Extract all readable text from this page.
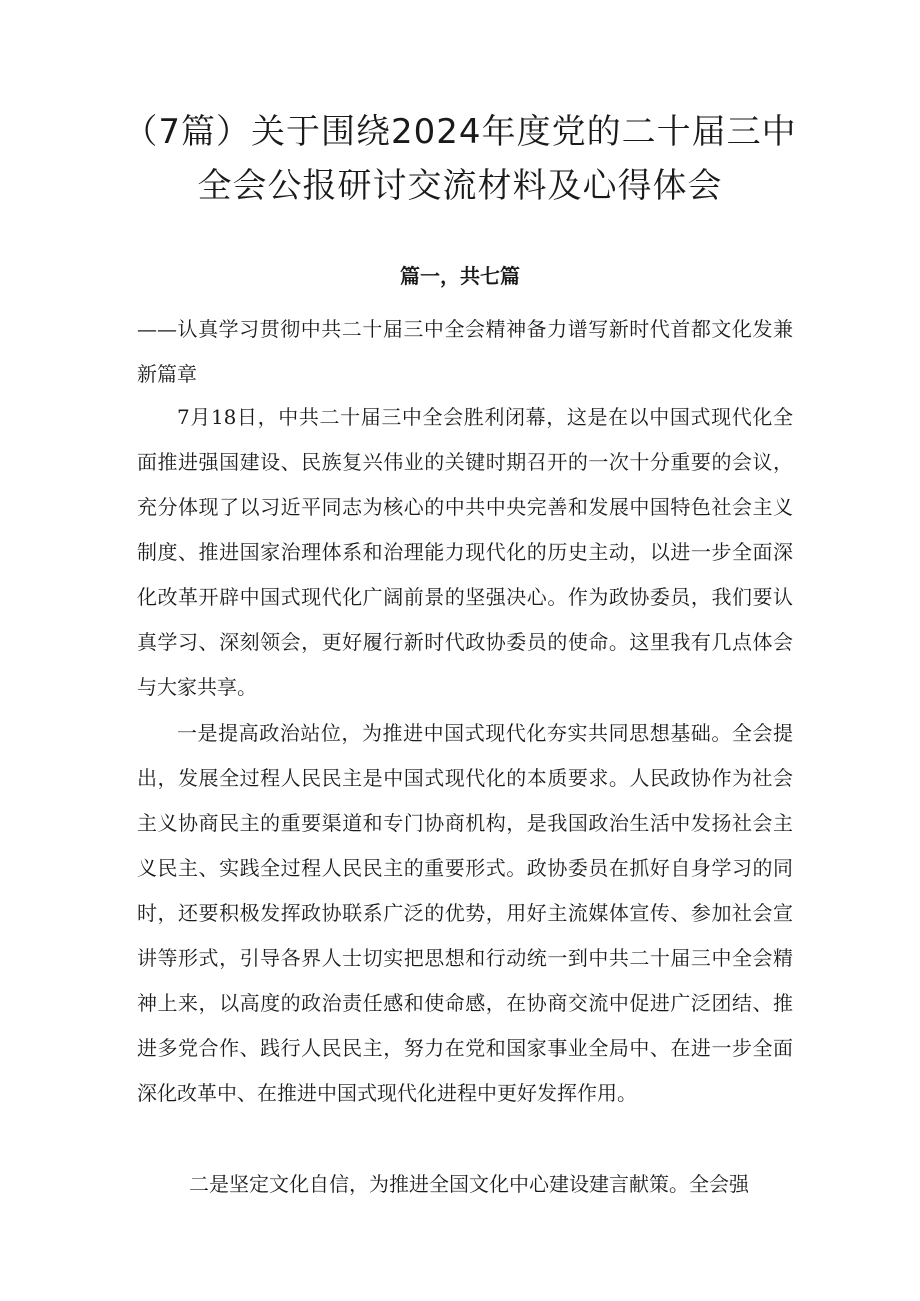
（7篇）关于围绕2024年度党的二十届三中
全会公报研讨交流材料及心得体会
篇一，共七篇

——认真学习贯彻中共二十届三中全会精神备力谱写新时代首都文化发兼新篇章

7月18日，中共二十届三中全会胜利闭幕，这是在以中国式现代化全面推进强国建设、民族复兴伟业的关键时期召开的一次十分重要的会议，充分体现了以习近平同志为核心的中共中央完善和发展中国特色社会主义制度、推进国家治理体系和治理能力现代化的历史主动，以进一步全面深化改革开辟中国式现代化广阔前景的坚强决心。作为政协委员，我们要认真学习、深刻领会，更好履行新时代政协委员的使命。这里我有几点体会与大家共享。

一是提高政治站位，为推进中国式现代化夯实共同思想基础。全会提出，发展全过程人民民主是中国式现代化的本质要求。人民政协作为社会主义协商民主的重要渠道和专门协商机构，是我国政治生活中发扬社会主义民主、实践全过程人民民主的重要形式。政协委员在抓好自身学习的同时，还要积极发挥政协联系广泛的优势，用好主流媒体宣传、参加社会宣讲等形式，引导各界人士切实把思想和行动统一到中共二十届三中全会精神上来，以高度的政治责任感和使命感，在协商交流中促进广泛团结、推进多党合作、践行人民民主，努力在党和国家事业全局中、在进一步全面深化改革中、在推进中国式现代化进程中更好发挥作用。

二是坚定文化自信，为推进全国文化中心建设建言献策。全会强
